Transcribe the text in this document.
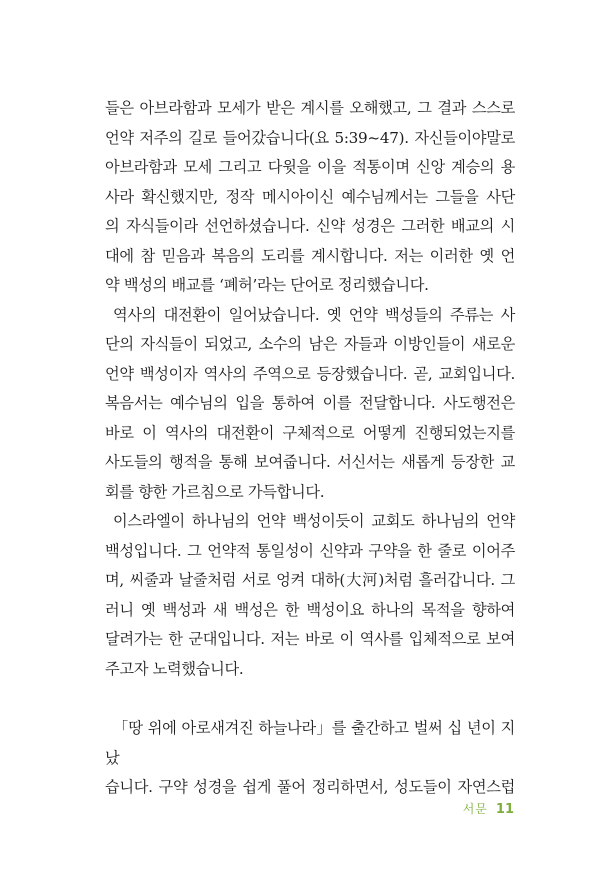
들은 아브라함과 모세가 받은 계시를 오해했고, 그 결과 스스로

언약 저주의 길로 들어갔습니다(요 5:39~47). 자신들이야말로

아브라함과 모세 그리고 다윗을 이을 적통이며 신앙 계승의 용

사라 확신했지만, 정작 메시아이신 예수님께서는 그들을 사단

의 자식들이라 선언하셨습니다. 신약 성경은 그러한 배교의 시

대에 참 믿음과 복음의 도리를 계시합니다. 저는 이러한 옛 언

약 백성의 배교를 ‘폐허’라는 단어로 정리했습니다.

역사의 대전환이 일어났습니다. 옛 언약 백성들의 주류는 사

단의 자식들이 되었고, 소수의 남은 자들과 이방인들이 새로운

언약 백성이자 역사의 주역으로 등장했습니다. 곧, 교회입니다.

복음서는 예수님의 입을 통하여 이를 전달합니다. 사도행전은

바로 이 역사의 대전환이 구체적으로 어떻게 진행되었는지를

사도들의 행적을 통해 보여줍니다. 서신서는 새롭게 등장한 교

회를 향한 가르침으로 가득합니다.

이스라엘이 하나님의 언약 백성이듯이 교회도 하나님의 언약

백성입니다. 그 언약적 통일성이 신약과 구약을 한 줄로 이어주

며, 씨줄과 날줄처럼 서로 엉켜 대하(大河)처럼 흘러갑니다. 그

러니 옛 백성과 새 백성은 한 백성이요 하나의 목적을 향하여

달려가는 한 군대입니다. 저는 바로 이 역사를 입체적으로 보여

주고자 노력했습니다.

「땅 위에 아로새겨진 하늘나라」를 출간하고 벌써 십 년이 지났

습니다. 구약 성경을 쉽게 풀어 정리하면서, 성도들이 자연스럽

서문 11
